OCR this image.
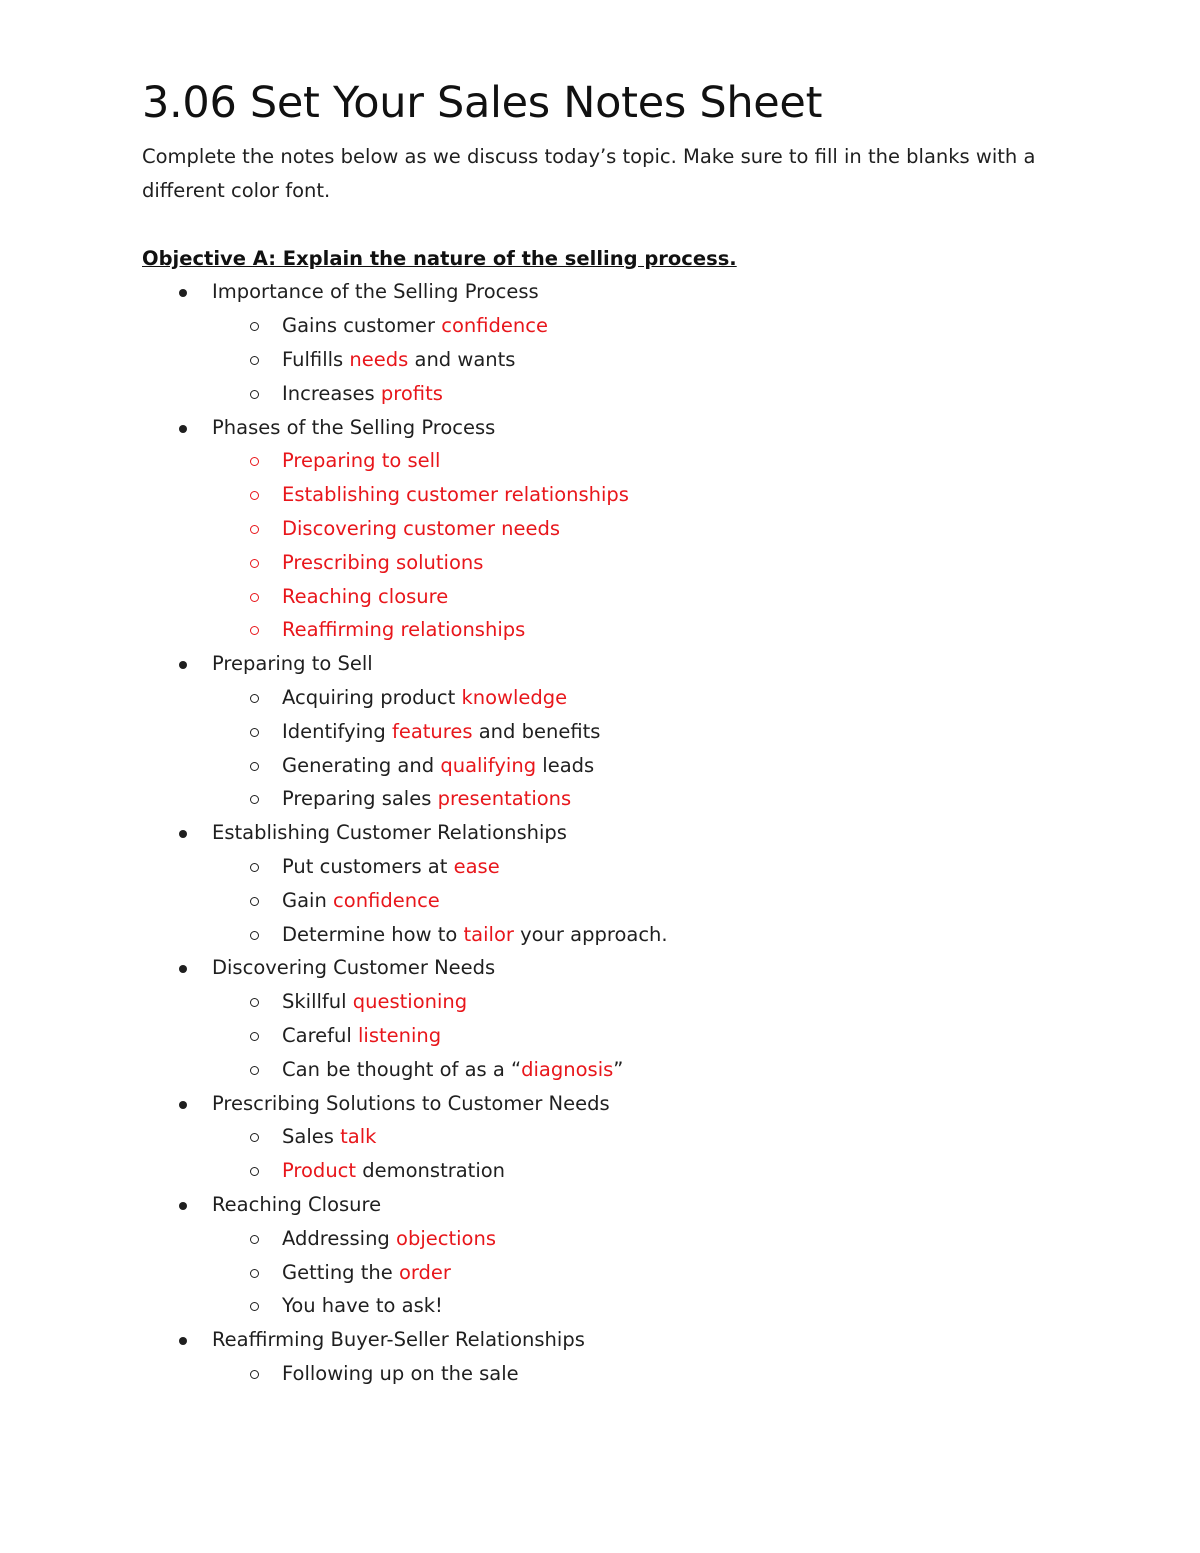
3.06 Set Your Sales Notes Sheet

Complete the notes below as we discuss today’s topic. Make sure to fill in the blanks with a different color font.

Objective A: Explain the nature of the selling process.
Importance of the Selling Process
Gains customer confidence
Fulfills needs and wants
Increases profits
Phases of the Selling Process
Preparing to sell
Establishing customer relationships
Discovering customer needs
Prescribing solutions
Reaching closure
Reaffirming relationships
Preparing to Sell
Acquiring product knowledge
Identifying features and benefits
Generating and qualifying leads
Preparing sales presentations
Establishing Customer Relationships
Put customers at ease
Gain confidence
Determine how to tailor your approach.
Discovering Customer Needs
Skillful questioning
Careful listening
Can be thought of as a “diagnosis”
Prescribing Solutions to Customer Needs
Sales talk
Product demonstration
Reaching Closure
Addressing objections
Getting the order
You have to ask!
Reaffirming Buyer-Seller Relationships
Following up on the sale
